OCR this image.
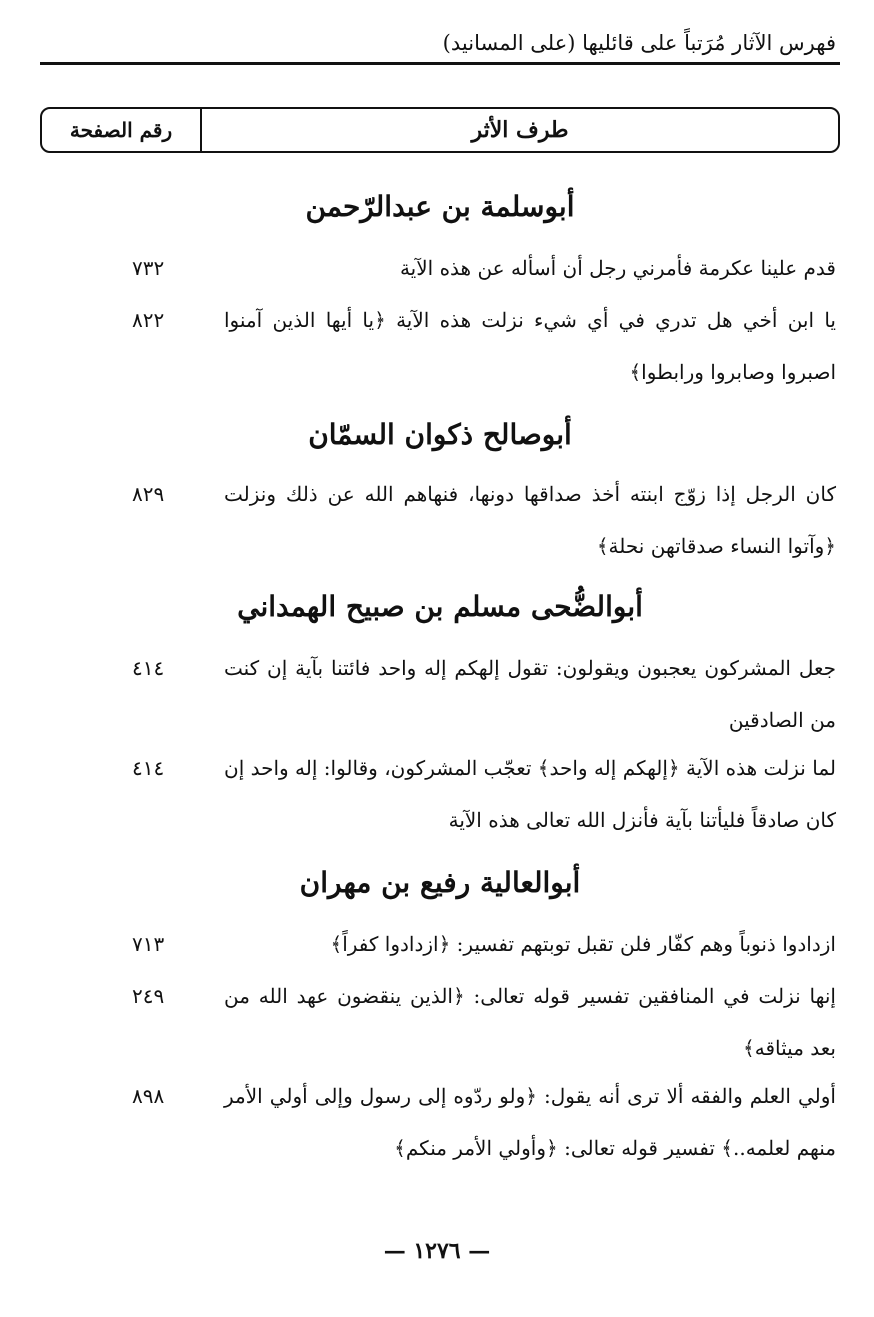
فهرس الآثار مُرَتباً على قائليها (على المسانيد)
طرف الأثر
رقم الصفحة
أبوسلمة بن عبدالرّحمن
قدم علينا عكرمة فأمرني رجل أن أسأله عن هذه الآية
٧٣٢
يا ابن أخي هل تدري في أي شيء نزلت هذه الآية ﴿يا أيها الذين آمنوا اصبروا وصابروا ورابطوا﴾
٨٢٢
أبوصالح ذكوان السمّان
كان الرجل إذا زوّج ابنته أخذ صداقها دونها، فنهاهم الله عن ذلك ونزلت ﴿وآتوا النساء صدقاتهن نحلة﴾
٨٢٩
أبوالضُّحى مسلم بن صبيح الهمداني
جعل المشركون يعجبون ويقولون: تقول إلهكم إله واحد فائتنا بآية إن كنت من الصادقين
٤١٤
لما نزلت هذه الآية ﴿إلهكم إله واحد﴾ تعجّب المشركون، وقالوا: إله واحد إن كان صادقاً فليأتنا بآية فأنزل الله تعالى هذه الآية
٤١٤
أبوالعالية رفيع بن مهران
ازدادوا ذنوباً وهم كفّار فلن تقبل توبتهم تفسير: ﴿ازدادوا كفراً﴾
٧١٣
إنها نزلت في المنافقين تفسير قوله تعالى: ﴿الذين ينقضون عهد الله من بعد ميثاقه﴾
٢٤٩
أولي العلم والفقه ألا ترى أنه يقول: ﴿ولو ردّوه إلى رسول وإلى أولي الأمر منهم لعلمه..﴾ تفسير قوله تعالى: ﴿وأولي الأمر منكم﴾
٨٩٨
— ١٢٧٦ —
